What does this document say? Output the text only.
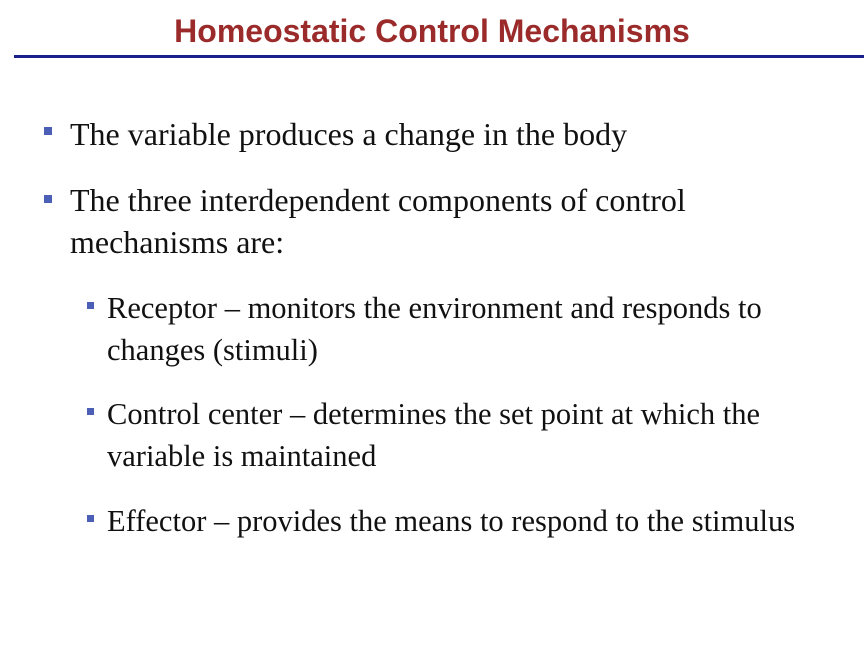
Homeostatic Control Mechanisms

The variable produces a change in the body

The three interdependent components of control mechanisms are:

Receptor – monitors the environment and responds to changes (stimuli)

Control center – determines the set point at which the variable is maintained

Effector – provides the means to respond to the stimulus
